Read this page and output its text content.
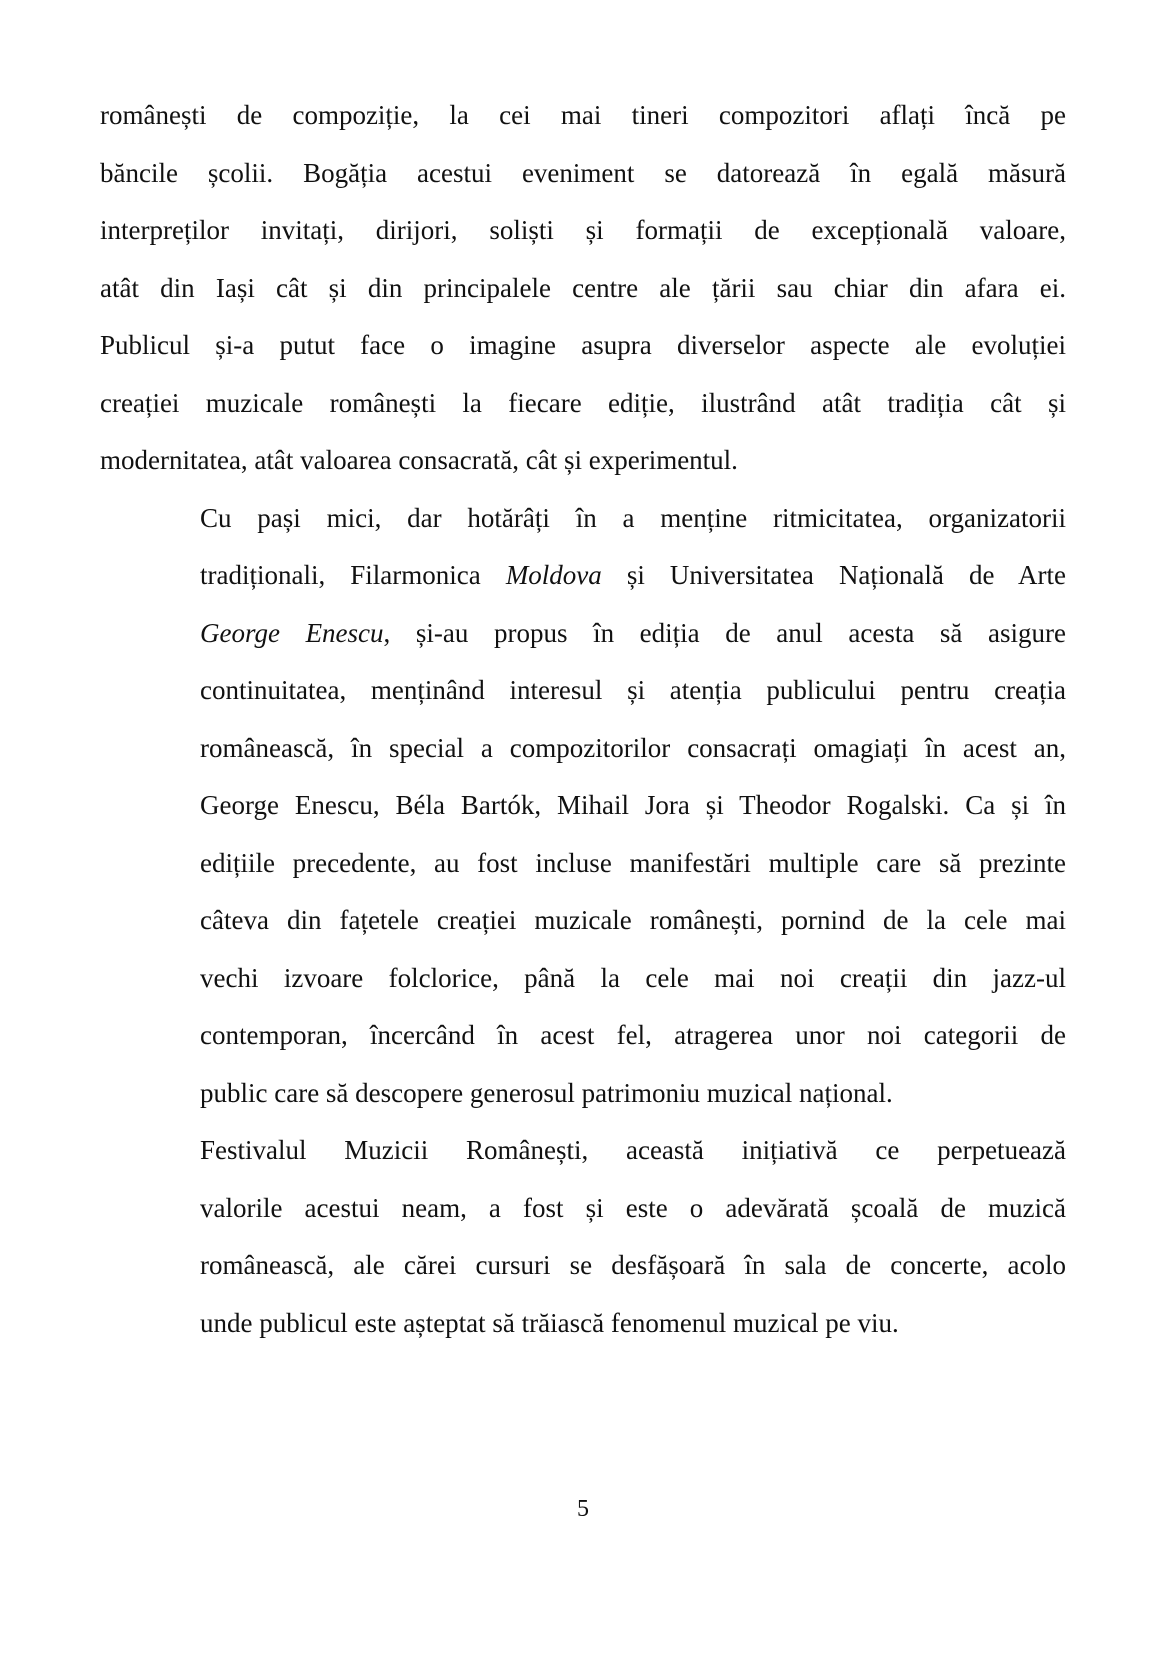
românești de compoziție, la cei mai tineri compozitori aflați încă pe
băncile școlii. Bogăția acestui eveniment se datorează în egală măsură
interpreților invitați, dirijori, soliști și formații de excepțională valoare,
atât din Iași cât și din principalele centre ale țării sau chiar din afara ei.
Publicul și-a putut face o imagine asupra diverselor aspecte ale evoluției
creației muzicale românești la fiecare ediție, ilustrând atât tradiția cât și
modernitatea, atât valoarea consacrată, cât și experimentul.

Cu pași mici, dar hotărâți în a menține ritmicitatea, organizatorii
tradiționali, Filarmonica Moldova și Universitatea Națională de Arte
George Enescu, și-au propus în ediția de anul acesta să asigure
continuitatea, menținând interesul și atenția publicului pentru creația
românească, în special a compozitorilor consacrați omagiați în acest an,
George Enescu, Béla Bartók, Mihail Jora și Theodor Rogalski. Ca și în
edițiile precedente, au fost incluse manifestări multiple care să prezinte
câteva din fațetele creației muzicale românești, pornind de la cele mai
vechi izvoare folclorice, până la cele mai noi creații din jazz-ul
contemporan, încercând în acest fel, atragerea unor noi categorii de
public care să descopere generosul patrimoniu muzical național.

Festivalul Muzicii Românești, această inițiativă ce perpetuează
valorile acestui neam, a fost și este o adevărată școală de muzică
românească, ale cărei cursuri se desfășoară în sala de concerte, acolo
unde publicul este așteptat să trăiască fenomenul muzical pe viu.

5
